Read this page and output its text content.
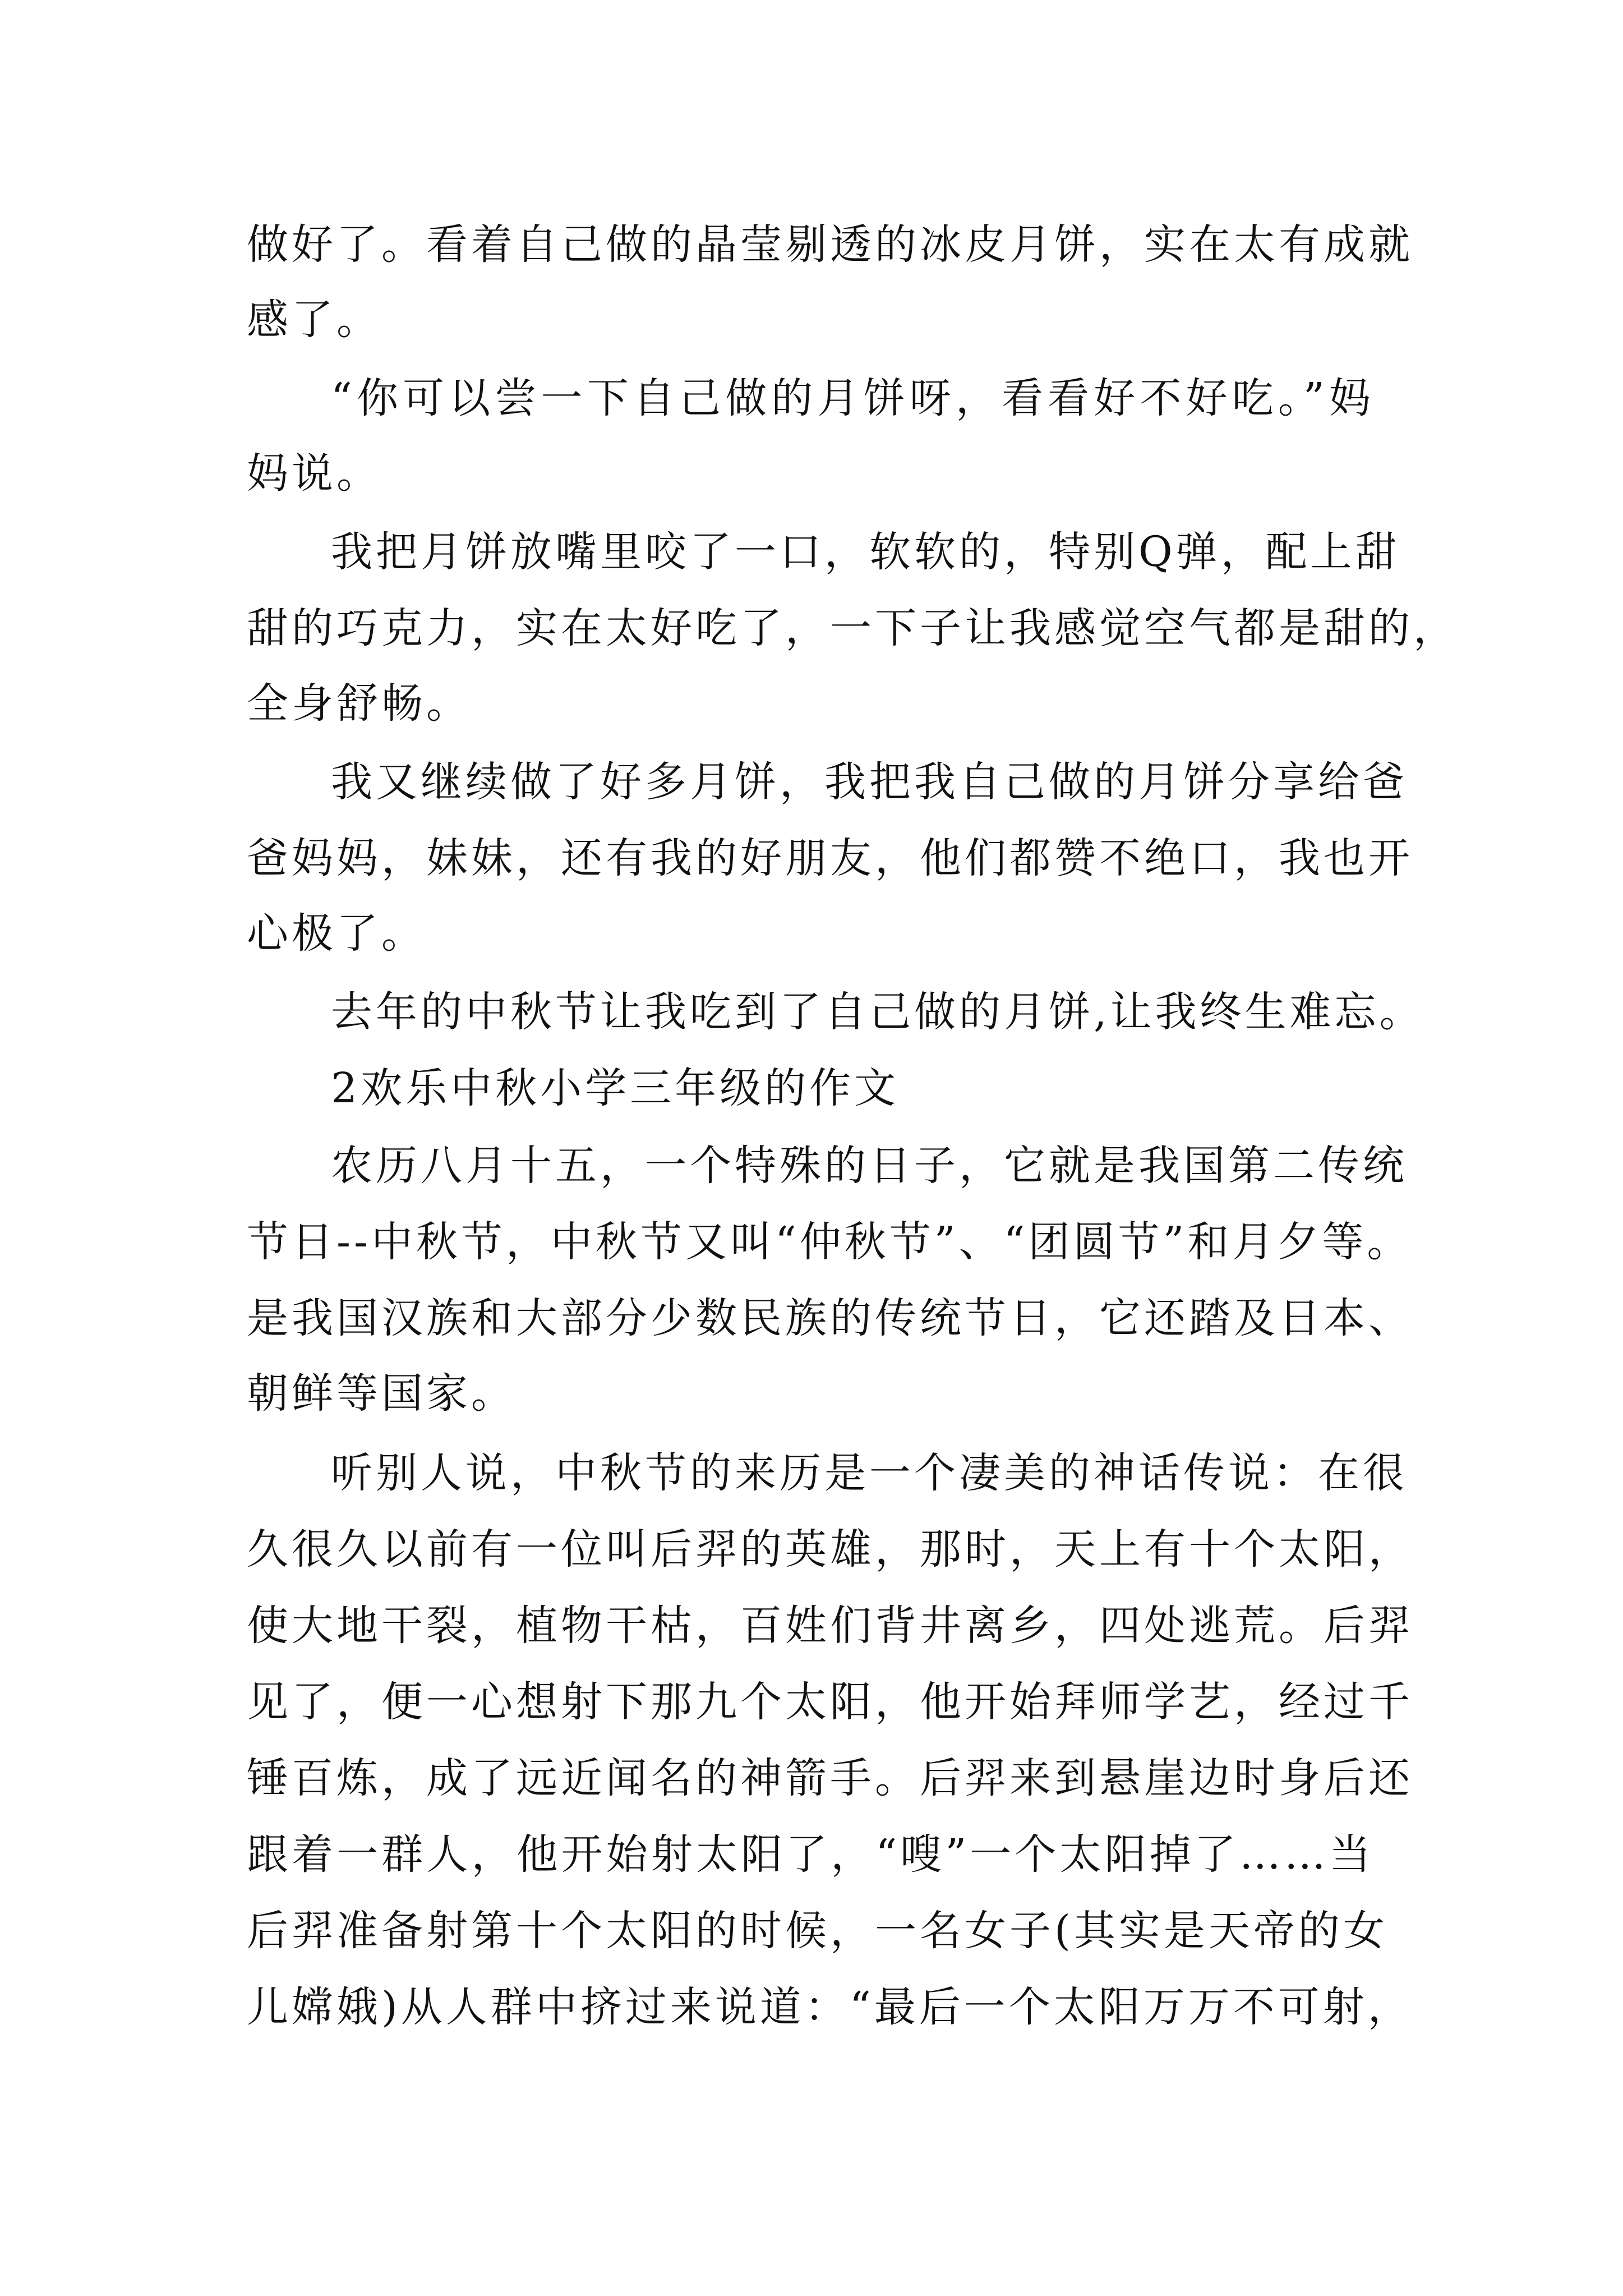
做好了。看着自己做的晶莹剔透的冰皮月饼，实在太有成就
感了。
“你可以尝一下自己做的月饼呀，看看好不好吃。”妈
妈说。
我把月饼放嘴里咬了一口，软软的，特别Q弹，配上甜
甜的巧克力，实在太好吃了，一下子让我感觉空气都是甜的，
全身舒畅。
我又继续做了好多月饼，我把我自己做的月饼分享给爸
爸妈妈，妹妹，还有我的好朋友，他们都赞不绝口，我也开
心极了。
去年的中秋节让我吃到了自己做的月饼,让我终生难忘。
2欢乐中秋小学三年级的作文
农历八月十五，一个特殊的日子，它就是我国第二传统
节日--中秋节，中秋节又叫“仲秋节”、“团圆节”和月夕等。
是我国汉族和大部分少数民族的传统节日，它还踏及日本、
朝鲜等国家。
听别人说，中秋节的来历是一个凄美的神话传说：在很
久很久以前有一位叫后羿的英雄，那时，天上有十个太阳，
使大地干裂，植物干枯，百姓们背井离乡，四处逃荒。后羿
见了，便一心想射下那九个太阳，他开始拜师学艺，经过千
锤百炼，成了远近闻名的神箭手。后羿来到悬崖边时身后还
跟着一群人，他开始射太阳了，“嗖”一个太阳掉了……当
后羿准备射第十个太阳的时候，一名女子(其实是天帝的女
儿嫦娥)从人群中挤过来说道：“最后一个太阳万万不可射，
